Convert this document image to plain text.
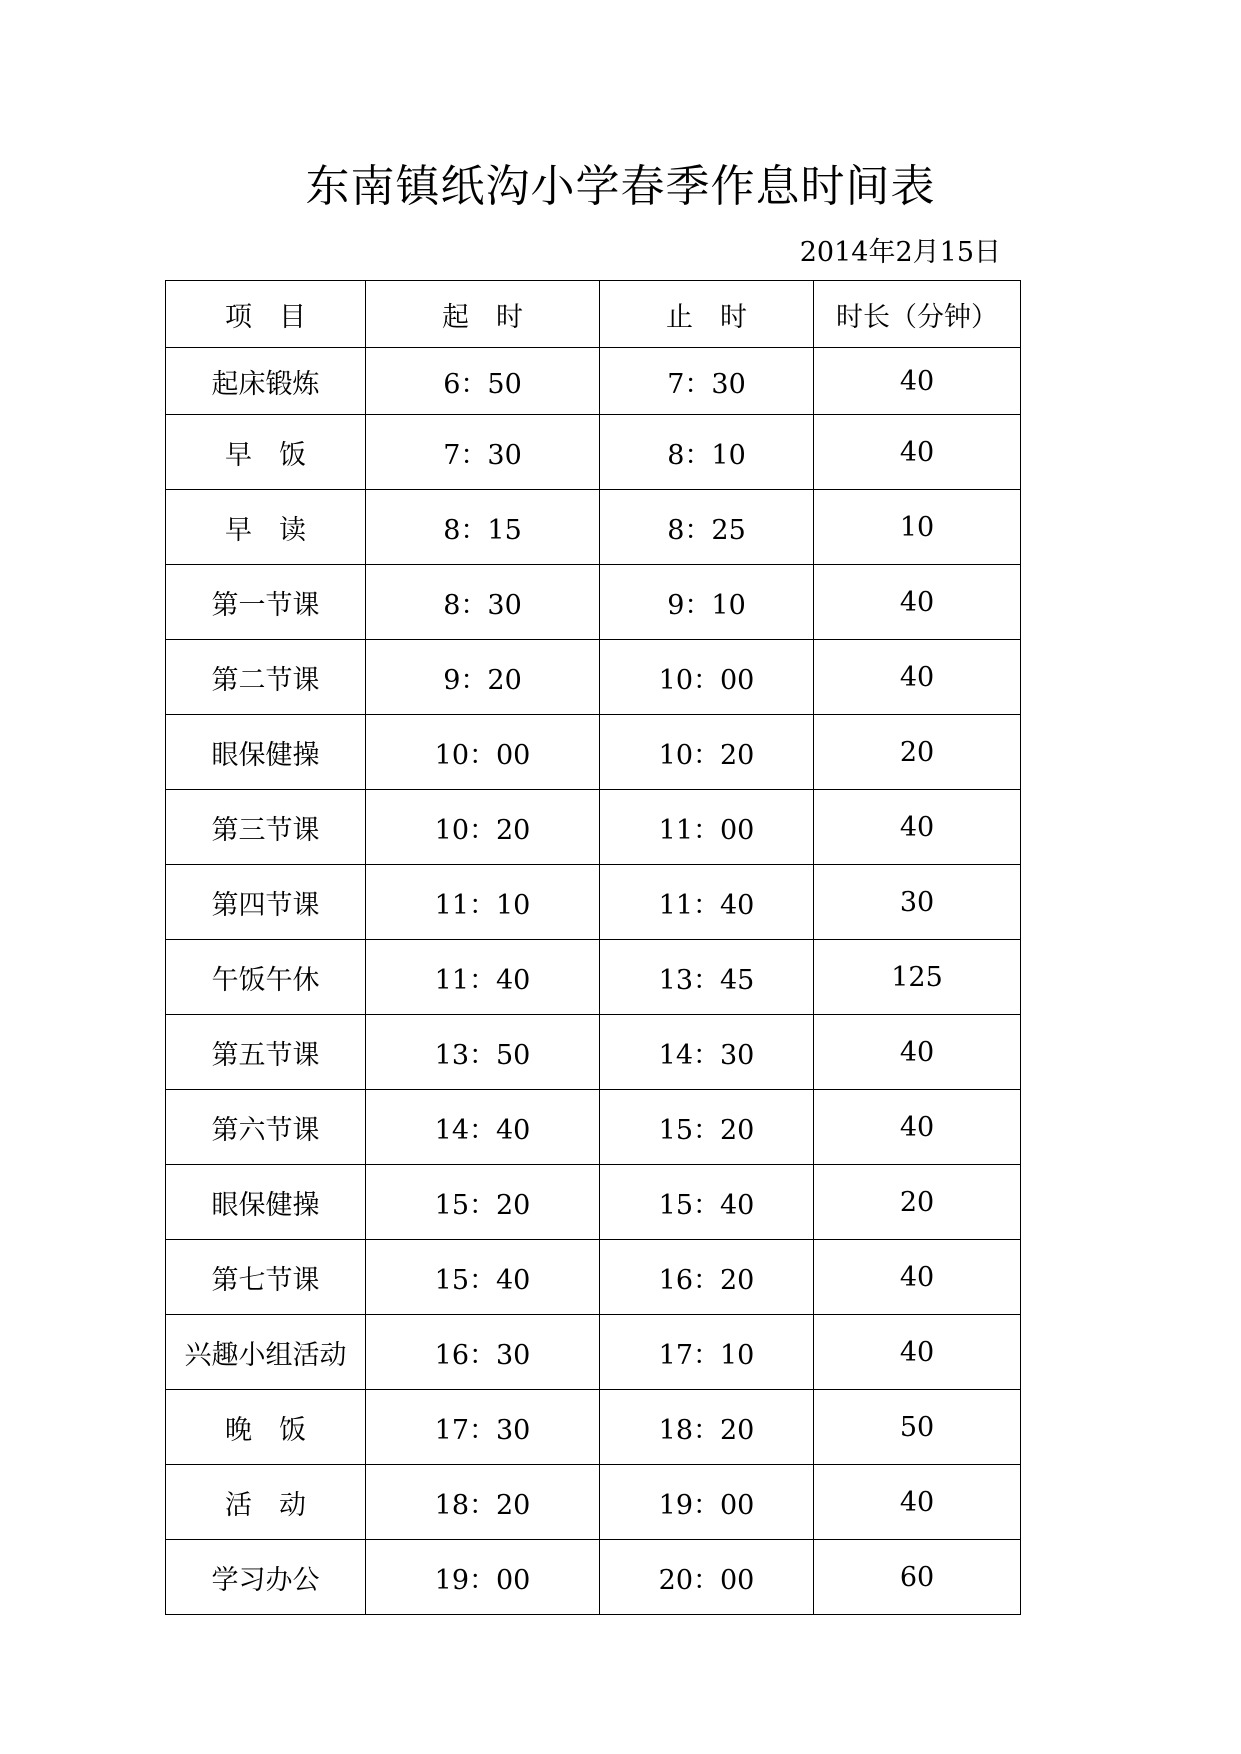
东南镇纸沟小学春季作息时间表
2014年2月15日
项　目	起　时	止　时	时长（分钟）
起床锻炼	6：50	7：30	40
早　饭	7：30	8：10	40
早　读	8：15	8：25	10
第一节课	8：30	9：10	40
第二节课	9：20	10：00	40
眼保健操	10：00	10：20	20
第三节课	10：20	11：00	40
第四节课	11：10	11：40	30
午饭午休	11：40	13：45	125
第五节课	13：50	14：30	40
第六节课	14：40	15：20	40
眼保健操	15：20	15：40	20
第七节课	15：40	16：20	40
兴趣小组活动	16：30	17：10	40
晚　饭	17：30	18：20	50
活　动	18：20	19：00	40
学习办公	19：00	20：00	60
